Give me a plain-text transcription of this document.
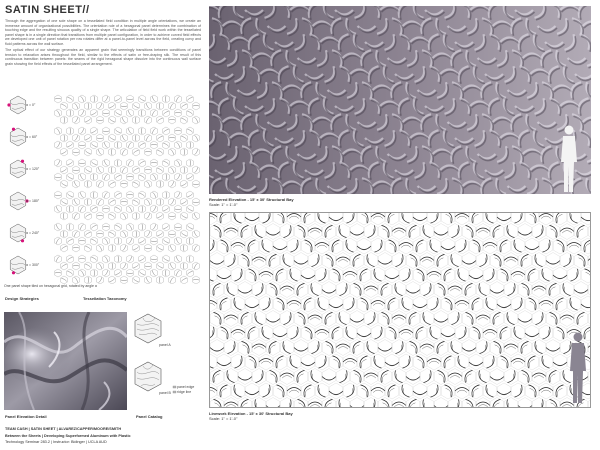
SATIN SHEET//
Through the aggregation of one sole shape on a tessellated field condition in multiple angle orientations, we create an immense amount of organizational possibilities. The orientation rule of a hexagonal panel determines the combination of touching edge and the resulting sinuous quality of a single shape. The articulation of field field work within the tessellated panel shape is in a single direction that transitions from multiple panel configuration, in order to achieve curved field effects we developed one unit of panel rotation per row rotates differ at a panel-to-panel level across the field, creating curvy and fluid patterns across the wall surface.
The optical effect of our strategy generates an apparent grain that seemingly transitions between conditions of panel tension to relaxation arises throughout the field, similar to the effects of satin or free-draping silk. The result of this continuous transition between panels: the seams of the rigid hexagonal shape dissolve into the continuous wall surface grain showing the field effects of the tessellated panel arrangement.
α = 0°
α = 60°
α = 120°
α = 180°
α = 240°
α = 300°
One panel shape tiled on hexagonal grid, rotated by angle α
Design Strategies	Tessellation Taxonomy
panel A
panel B
panel edge
ridge line
Panel Elevation Detail	Panel Catalog
TEAM CASH | SATIN SHEET | ALVAREZ/CAPPER/MOORE/SMITH
Between the Sheets | Developing Superformed Aluminum with Plastic
Technology Seminar 283.2 | Instructor: Bidinger | UCLA AUD
Rendered Elevation - 15' x 30' Structural Bay
Scale: 1" = 1'-0"
Linework Elevation - 15' x 30' Structural Bay
Scale: 1" = 1'-0"
